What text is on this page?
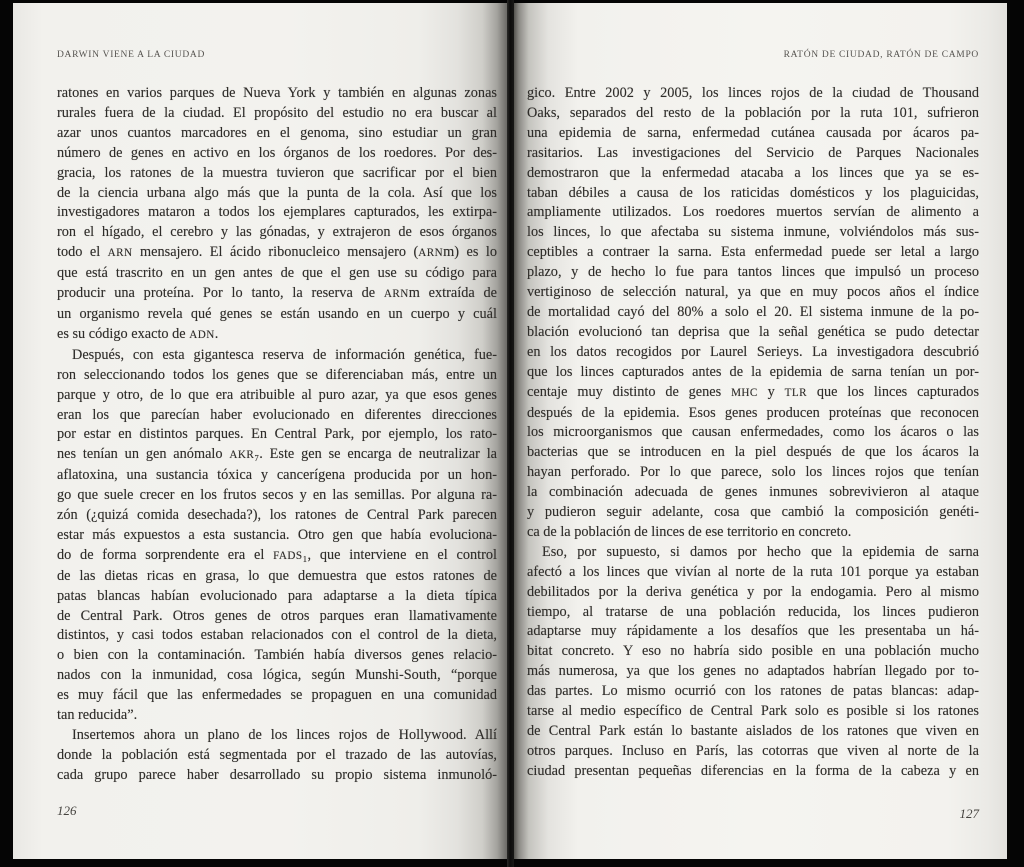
DARWIN VIENE A LA CIUDAD
ratones en varios parques de Nueva York y también en algunas zonas
rurales fuera de la ciudad. El propósito del estudio no era buscar al
azar unos cuantos marcadores en el genoma, sino estudiar un gran
número de genes en activo en los órganos de los roedores. Por des-
gracia, los ratones de la muestra tuvieron que sacrificar por el bien
de la ciencia urbana algo más que la punta de la cola. Así que los
investigadores mataron a todos los ejemplares capturados, les extirpa-
ron el hígado, el cerebro y las gónadas, y extrajeron de esos órganos
todo el ARN mensajero. El ácido ribonucleico mensajero (ARNm) es lo
que está trascrito en un gen antes de que el gen use su código para
producir una proteína. Por lo tanto, la reserva de ARNm extraída de
un organismo revela qué genes se están usando en un cuerpo y cuál
es su código exacto de ADN.
Después, con esta gigantesca reserva de información genética, fue-
ron seleccionando todos los genes que se diferenciaban más, entre un
parque y otro, de lo que era atribuible al puro azar, ya que esos genes
eran los que parecían haber evolucionado en diferentes direcciones
por estar en distintos parques. En Central Park, por ejemplo, los rato-
nes tenían un gen anómalo AKR₇. Este gen se encarga de neutralizar la
aflatoxina, una sustancia tóxica y cancerígena producida por un hon-
go que suele crecer en los frutos secos y en las semillas. Por alguna ra-
zón (¿quizá comida desechada?), los ratones de Central Park parecen
estar más expuestos a esta sustancia. Otro gen que había evoluciona-
do de forma sorprendente era el FADS₁, que interviene en el control
de las dietas ricas en grasa, lo que demuestra que estos ratones de
patas blancas habían evolucionado para adaptarse a la dieta típica
de Central Park. Otros genes de otros parques eran llamativamente
distintos, y casi todos estaban relacionados con el control de la dieta,
o bien con la contaminación. También había diversos genes relacio-
nados con la inmunidad, cosa lógica, según Munshi-South, “porque
es muy fácil que las enfermedades se propaguen en una comunidad
tan reducida”.
Insertemos ahora un plano de los linces rojos de Hollywood. Allí
donde la población está segmentada por el trazado de las autovías,
cada grupo parece haber desarrollado su propio sistema inmunoló-
126
RATÓN DE CIUDAD, RATÓN DE CAMPO
gico. Entre 2002 y 2005, los linces rojos de la ciudad de Thousand
Oaks, separados del resto de la población por la ruta 101, sufrieron
una epidemia de sarna, enfermedad cutánea causada por ácaros pa-
rasitarios. Las investigaciones del Servicio de Parques Nacionales
demostraron que la enfermedad atacaba a los linces que ya se es-
taban débiles a causa de los raticidas domésticos y los plaguicidas,
ampliamente utilizados. Los roedores muertos servían de alimento a
los linces, lo que afectaba su sistema inmune, volviéndolos más sus-
ceptibles a contraer la sarna. Esta enfermedad puede ser letal a largo
plazo, y de hecho lo fue para tantos linces que impulsó un proceso
vertiginoso de selección natural, ya que en muy pocos años el índice
de mortalidad cayó del 80% a solo el 20. El sistema inmune de la po-
blación evolucionó tan deprisa que la señal genética se pudo detectar
en los datos recogidos por Laurel Serieys. La investigadora descubrió
que los linces capturados antes de la epidemia de sarna tenían un por-
centaje muy distinto de genes MHC y TLR que los linces capturados
después de la epidemia. Esos genes producen proteínas que reconocen
los microorganismos que causan enfermedades, como los ácaros o las
bacterias que se introducen en la piel después de que los ácaros la
hayan perforado. Por lo que parece, solo los linces rojos que tenían
la combinación adecuada de genes inmunes sobrevivieron al ataque
y pudieron seguir adelante, cosa que cambió la composición genéti-
ca de la población de linces de ese territorio en concreto.
Eso, por supuesto, si damos por hecho que la epidemia de sarna
afectó a los linces que vivían al norte de la ruta 101 porque ya estaban
debilitados por la deriva genética y por la endogamia. Pero al mismo
tiempo, al tratarse de una población reducida, los linces pudieron
adaptarse muy rápidamente a los desafíos que les presentaba un há-
bitat concreto. Y eso no habría sido posible en una población mucho
más numerosa, ya que los genes no adaptados habrían llegado por to-
das partes. Lo mismo ocurrió con los ratones de patas blancas: adap-
tarse al medio específico de Central Park solo es posible si los ratones
de Central Park están lo bastante aislados de los ratones que viven en
otros parques. Incluso en París, las cotorras que viven al norte de la
ciudad presentan pequeñas diferencias en la forma de la cabeza y en
127
